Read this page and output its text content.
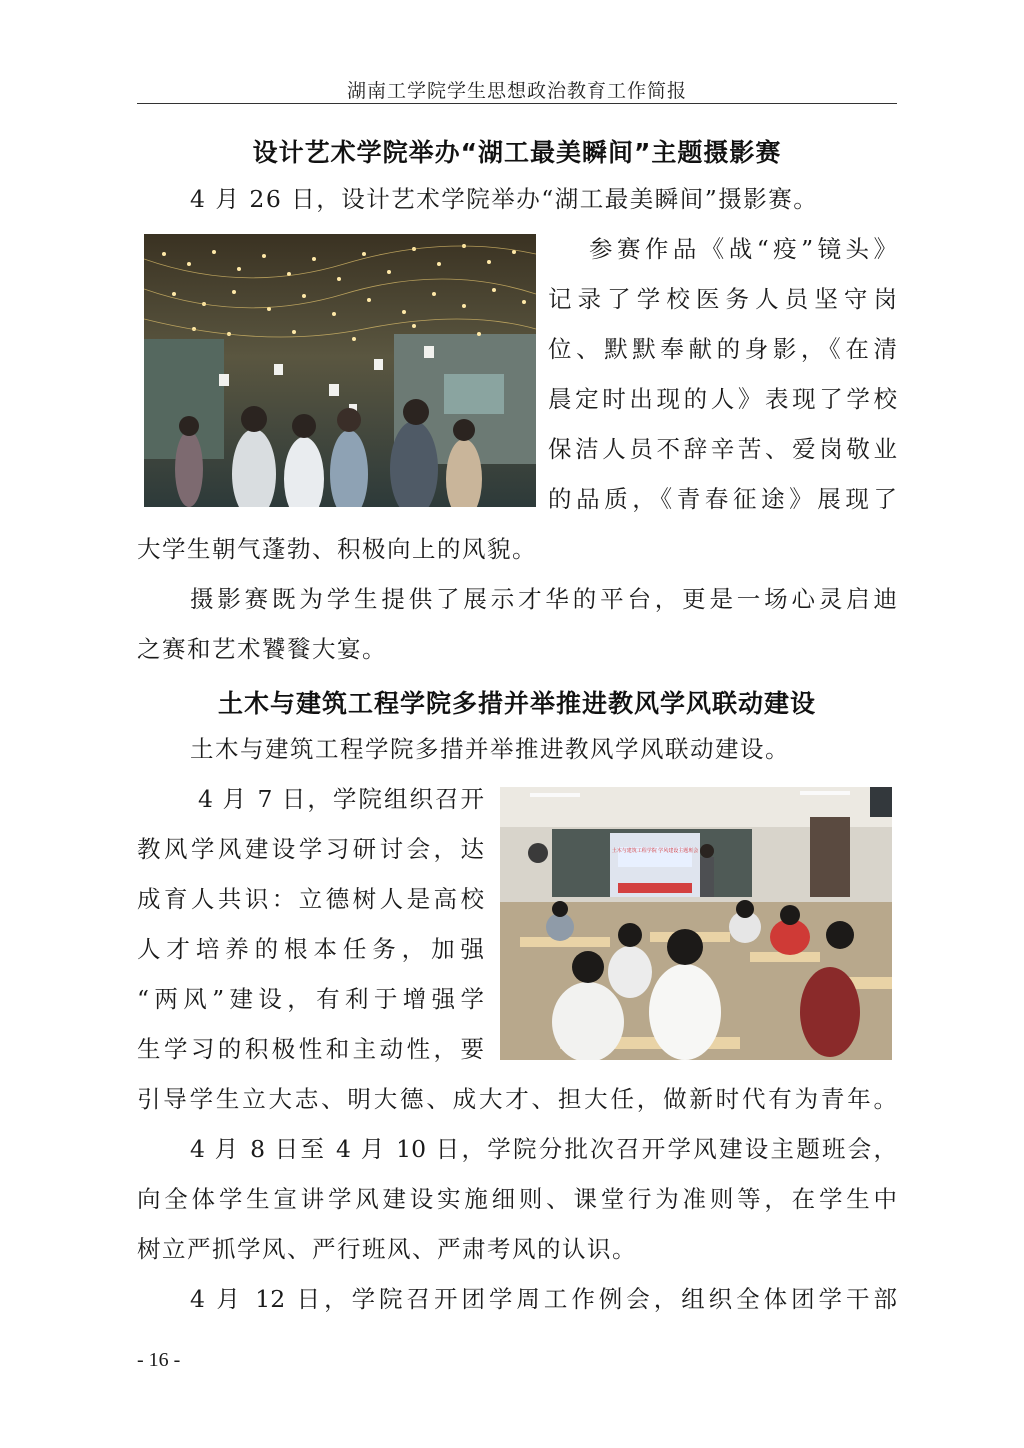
湖南工学院学生思想政治教育工作简报
设计艺术学院举办“湖工最美瞬间”主题摄影赛
4 月 26 日，设计艺术学院举办“湖工最美瞬间”摄影赛。
参赛作品《战“疫”镜头》
记录了学校医务人员坚守岗
位、默默奉献的身影，《在清
晨定时出现的人》表现了学校
保洁人员不辞辛苦、爱岗敬业
的品质，《青春征途》展现了
大学生朝气蓬勃、积极向上的风貌。
摄影赛既为学生提供了展示才华的平台，更是一场心灵启迪
之赛和艺术饕餮大宴。
土木与建筑工程学院多措并举推进教风学风联动建设
土木与建筑工程学院多措并举推进教风学风联动建设。
4 月 7 日，学院组织召开
教风学风建设学习研讨会，达
成育人共识：立德树人是高校
人才培养的根本任务，加强
“两风”建设，有利于增强学
生学习的积极性和主动性，要
土木与建筑工程学院 学风建设主题班会
引导学生立大志、明大德、成大才、担大任，做新时代有为青年。
4 月 8 日至 4 月 10 日，学院分批次召开学风建设主题班会，
向全体学生宣讲学风建设实施细则、课堂行为准则等，在学生中
树立严抓学风、严行班风、严肃考风的认识。
4 月 12 日，学院召开团学周工作例会，组织全体团学干部
- 16 -
